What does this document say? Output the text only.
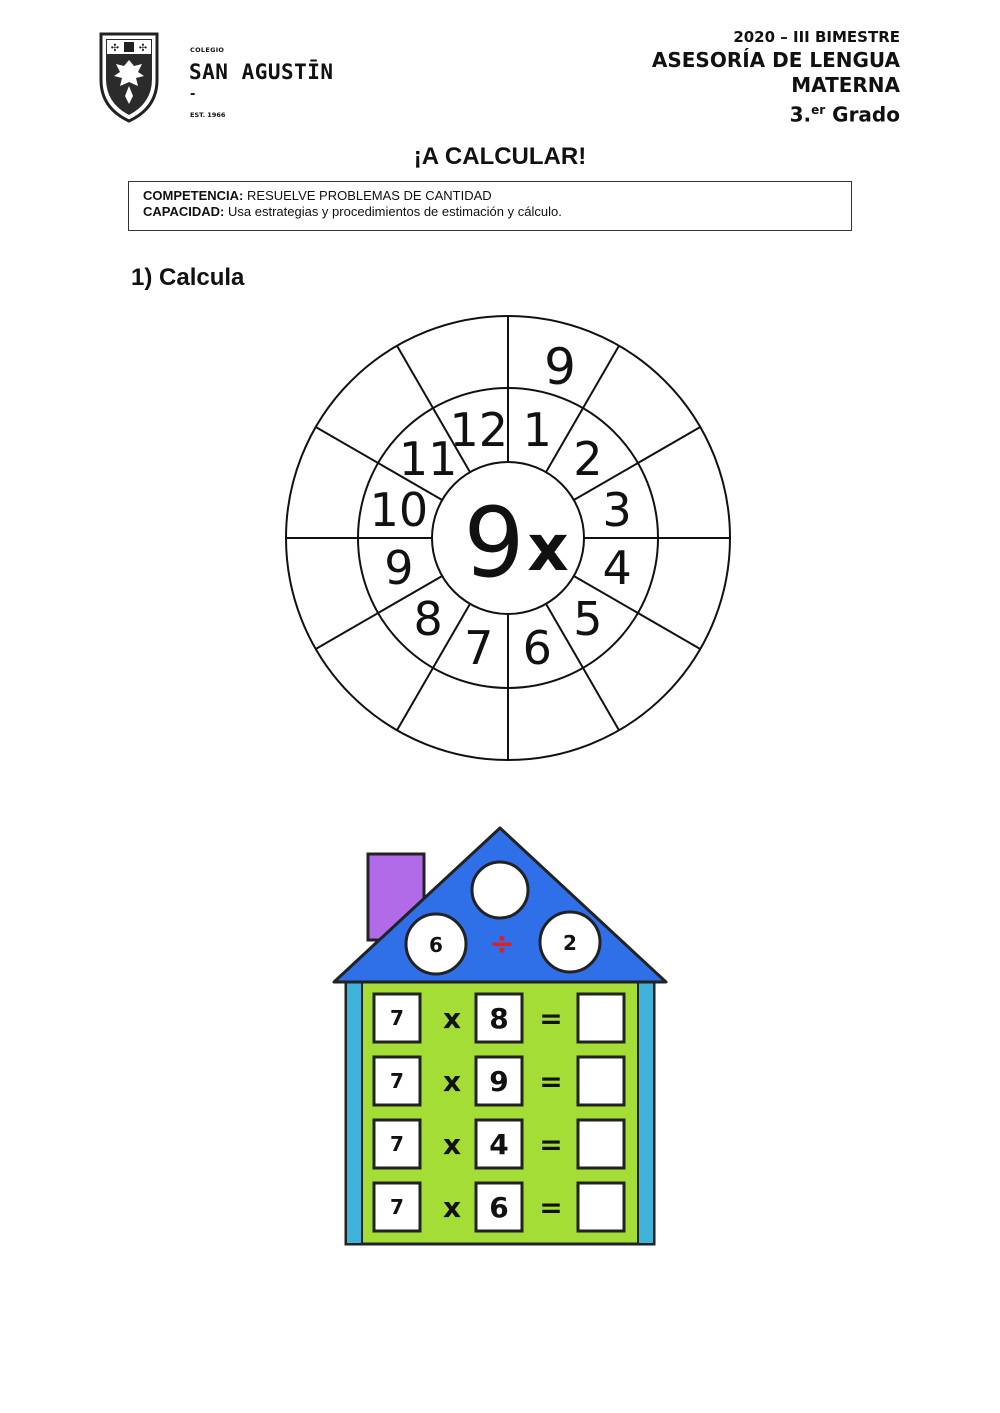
✣ ✣	COLEGIO
SAN AGUSTĪN
-
EST. 1966
2020 – III BIMESTRE
ASESORÍA DE LENGUA
MATERNA
3.$^{er}$ Grado
¡A CALCULAR!
COMPETENCIA: RESUELVE PROBLEMAS DE CANTIDAD
CAPACIDAD: Usa estrategias y procedimientos de estimación y cálculo.
1) Calcula
1
2
3
4
5
6
7
8
9
10
11
12
9 x
9
6 ÷ 2
7 x 8 =
7 x 9 =
7 x 4 =
7 x 6 =
